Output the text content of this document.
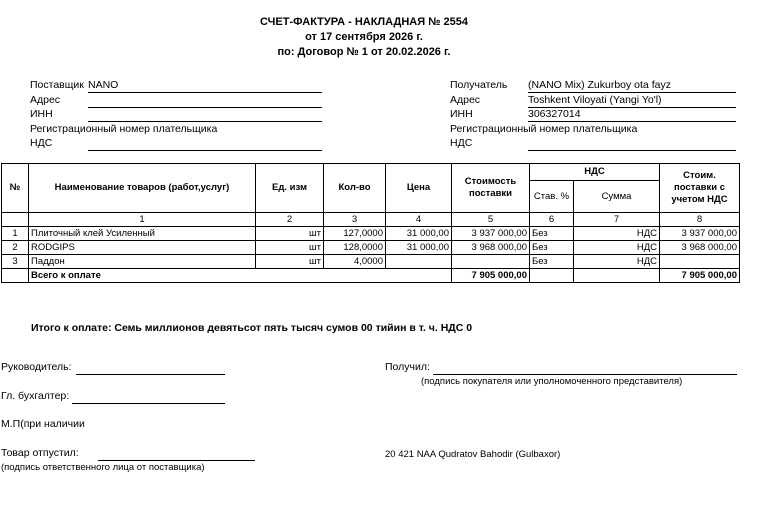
СЧЕТ-ФАКТУРА - НАКЛАДНАЯ № 2554
от 17 сентября 2026 г.
по: Договор № 1 от 20.02.2026 г.
Поставщик NANO
Адрес
ИНН
Регистрационный номер плательщика
НДС
Получатель (NANO Mix) Zukurboy ota fayz
Адрес	Toshkent Viloyati (Yangi Yo'l)
ИНН	306327014
Регистрационный номер плательщика
НДС
№	Наименование товаров (работ,услуг)	Ед. изм	Кол-во	Цена	Стоимость поставки	НДС		Стоим. поставки с учетом НДС
						Став. %	Сумма	
	1	2	3	4	5	6	7	8
1	Плиточный клей Усиленный	шт	127,0000	31 000,00	3 937 000,00	Без	НДС	3 937 000,00
2	RODGIPS	шт	128,0000	31 000,00	3 968 000,00	Без	НДС	3 968 000,00
3	Паддон	шт	4,0000			Без	НДС	
	Всего к оплате				7 905 000,00			7 905 000,00
Итого к оплате: Семь миллионов девятьсот пять тысяч сумов 00 тийин в т. ч. НДС 0
Руководитель:
Гл. бухгалтер:
М.П(при наличии
Товар отпустил:
(подпись ответственного лица от поставщика)
Получил:
(подпись покупателя или уполномоченного представителя)
20 421 NAA Qudratov Bahodir (Gulbaxor)
